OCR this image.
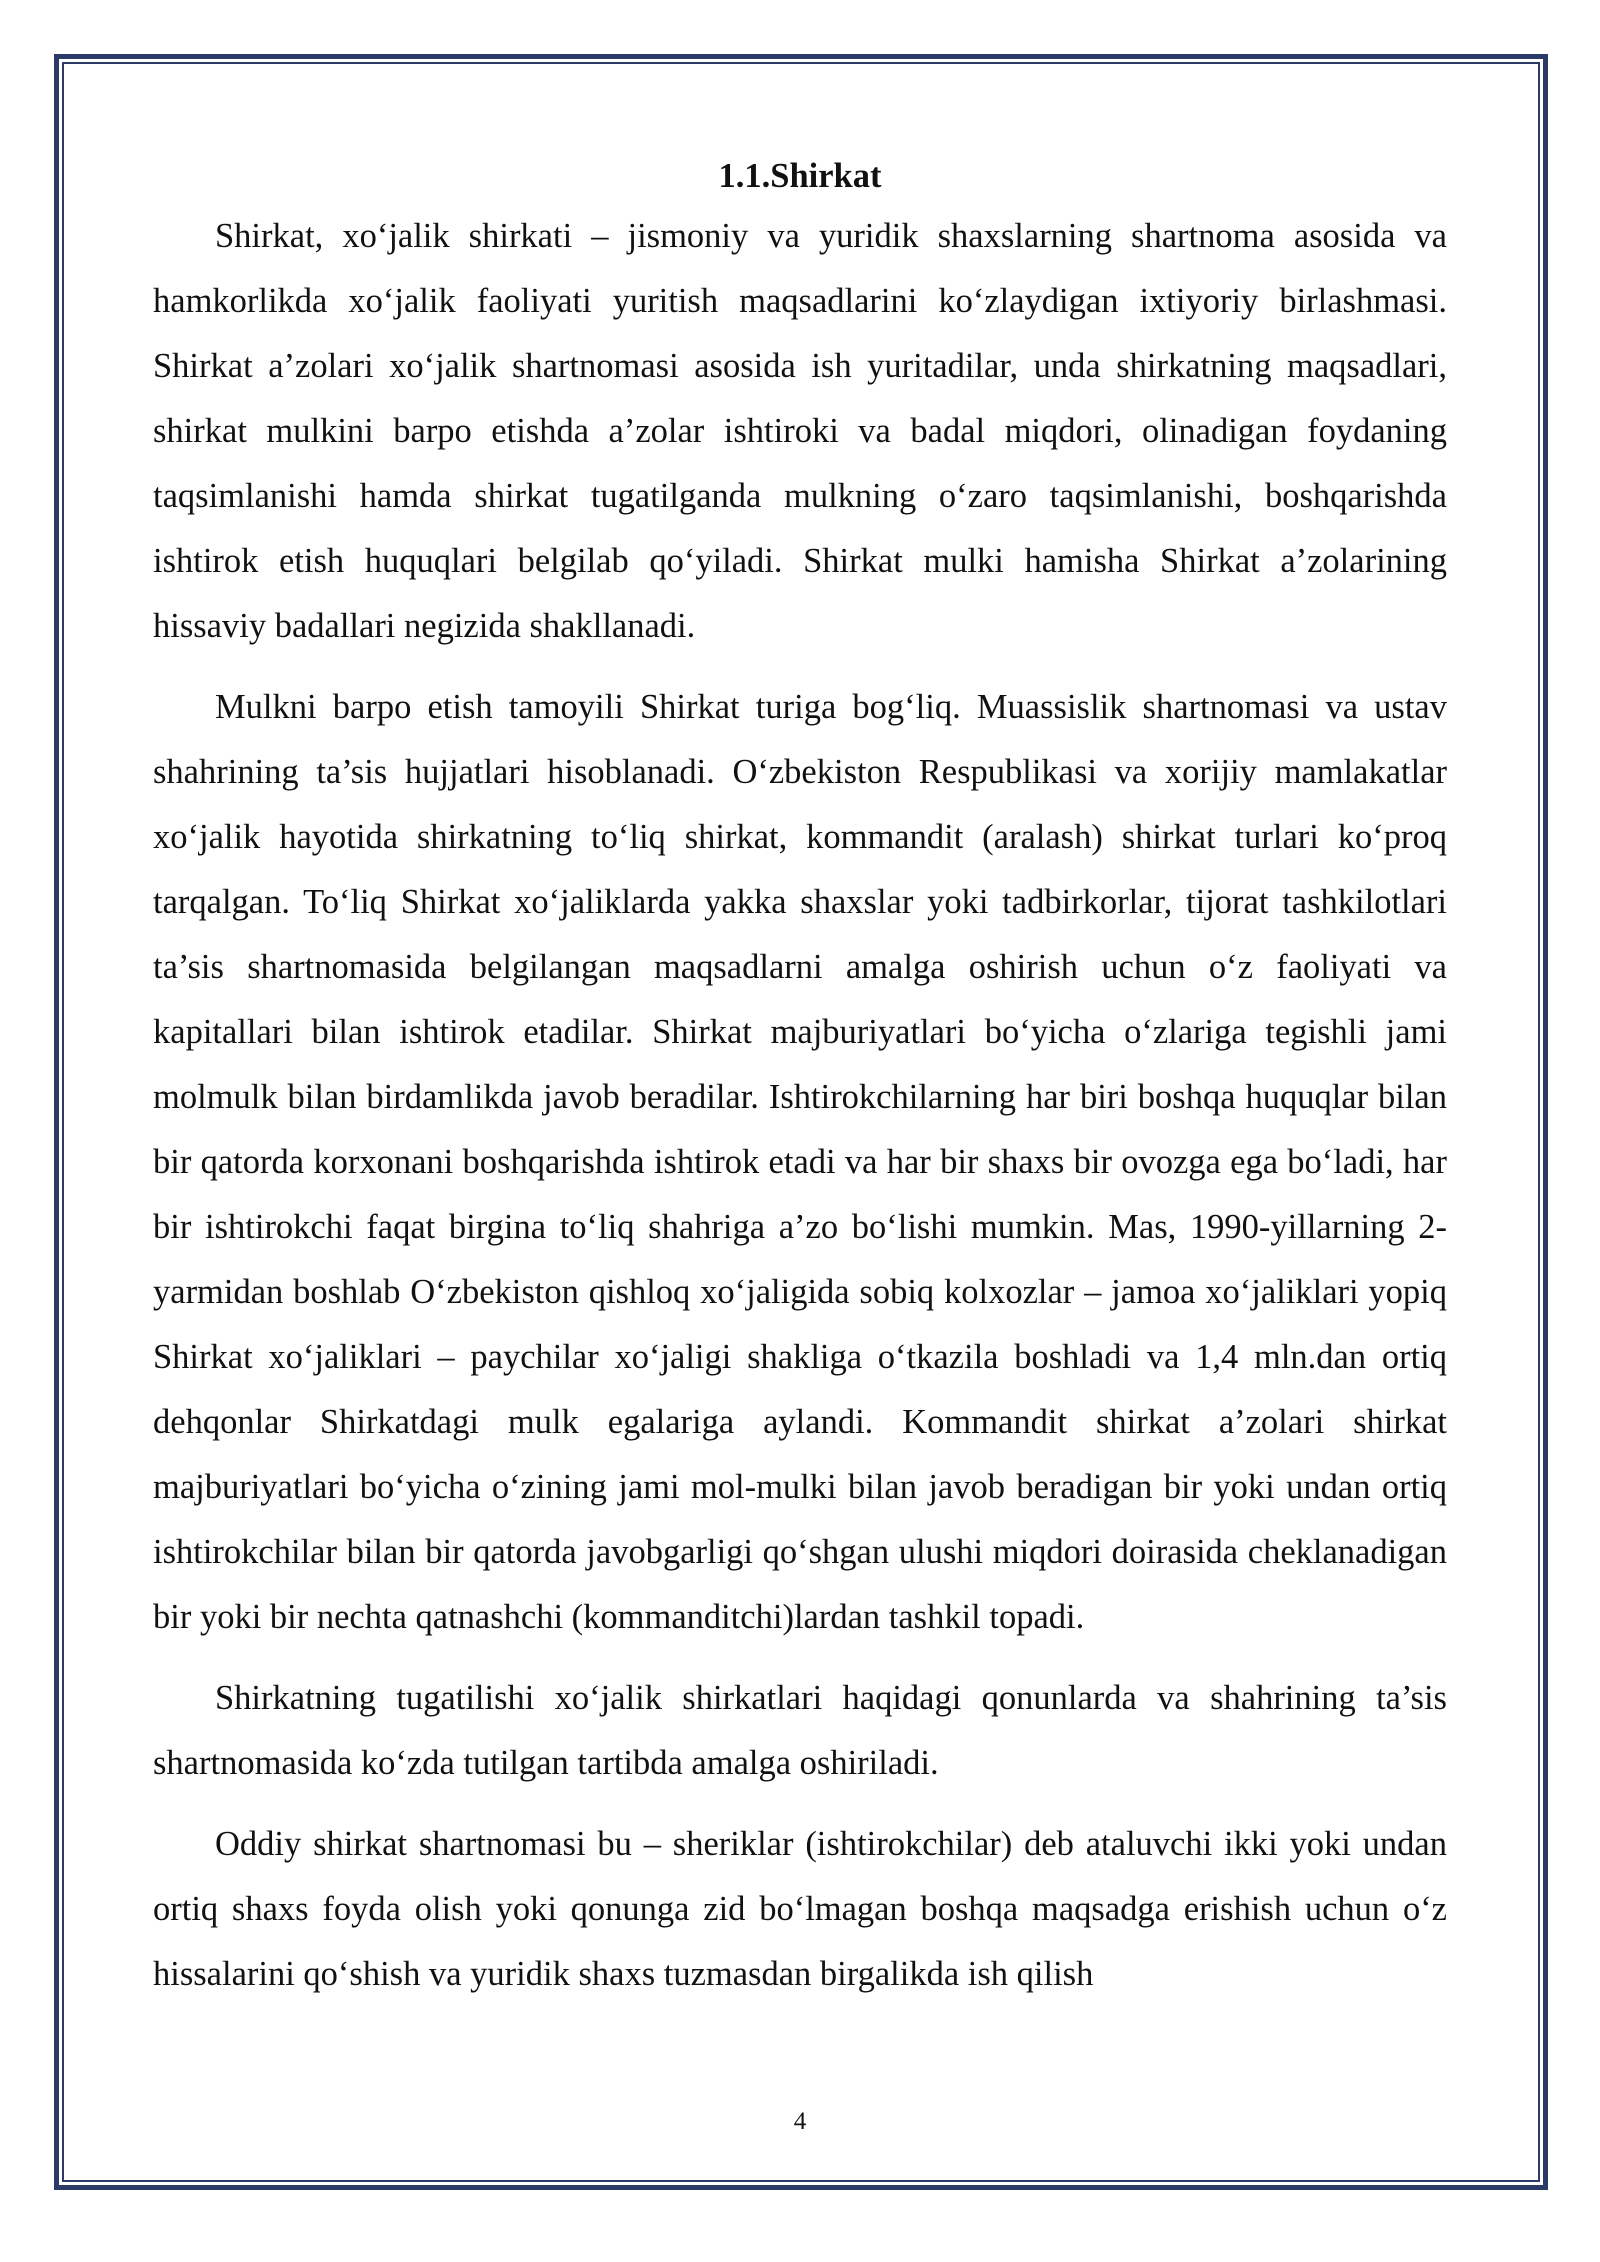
1.1.Shirkat

Shirkat, xoʻjalik shirkati – jismoniy va yuridik shaxslarning shartnoma asosida va hamkorlikda xoʻjalik faoliyati yuritish maqsadlarini koʻzlaydigan ixtiyoriy birlashmasi. Shirkat a’zolari xoʻjalik shartnomasi asosida ish yuritadilar, unda shirkatning maqsadlari, shirkat mulkini barpo etishda a’zolar ishtiroki va badal miqdori, olinadigan foydaning taqsimlanishi hamda shirkat tugatilganda mulkning oʻzaro taqsimlanishi, boshqarishda ishtirok etish huquqlari belgilab qoʻyiladi. Shirkat mulki hamisha Shirkat a’zolarining hissaviy badallari negizida shakllanadi.

Mulkni barpo etish tamoyili Shirkat turiga bogʻliq. Muassislik shartnomasi va ustav shahrining ta’sis hujjatlari hisoblanadi. Oʻzbekiston Respublikasi va xorijiy mamlakatlar xoʻjalik hayotida shirkatning toʻliq shirkat, kommandit (aralash) shirkat turlari koʻproq tarqalgan. Toʻliq Shirkat xoʻjaliklarda yakka shaxslar yoki tadbirkorlar, tijorat tashkilotlari ta’sis shartnomasida belgilangan maqsadlarni amalga oshirish uchun oʻz faoliyati va kapitallari bilan ishtirok etadilar. Shirkat majburiyatlari boʻyicha oʻzlariga tegishli jami molmulk bilan birdamlikda javob beradilar. Ishtirokchilarning har biri boshqa huquqlar bilan bir qatorda korxonani boshqarishda ishtirok etadi va har bir shaxs bir ovozga ega boʻladi, har bir ishtirokchi faqat birgina toʻliq shahriga a’zo boʻlishi mumkin. Mas, 1990-yillarning 2-yarmidan boshlab Oʻzbekiston qishloq xoʻjaligida sobiq kolxozlar – jamoa xoʻjaliklari yopiq Shirkat xoʻjaliklari – paychilar xoʻjaligi shakliga oʻtkazila boshladi va 1,4 mln.dan ortiq dehqonlar Shirkatdagi mulk egalariga aylandi. Kommandit shirkat a’zolari shirkat majburiyatlari boʻyicha oʻzining jami mol-mulki bilan javob beradigan bir yoki undan ortiq ishtirokchilar bilan bir qatorda javobgarligi qoʻshgan ulushi miqdori doirasida cheklanadigan bir yoki bir nechta qatnashchi (kommanditchi)lardan tashkil topadi.

Shirkatning tugatilishi xoʻjalik shirkatlari haqidagi qonunlarda va shahrining ta’sis shartnomasida koʻzda tutilgan tartibda amalga oshiriladi.

Oddiy shirkat shartnomasi bu – sheriklar (ishtirokchilar) deb ataluvchi ikki yoki undan ortiq shaxs foyda olish yoki qonunga zid boʻlmagan boshqa maqsadga erishish uchun oʻz hissalarini qoʻshish va yuridik shaxs tuzmasdan birgalikda ish qilish

4
